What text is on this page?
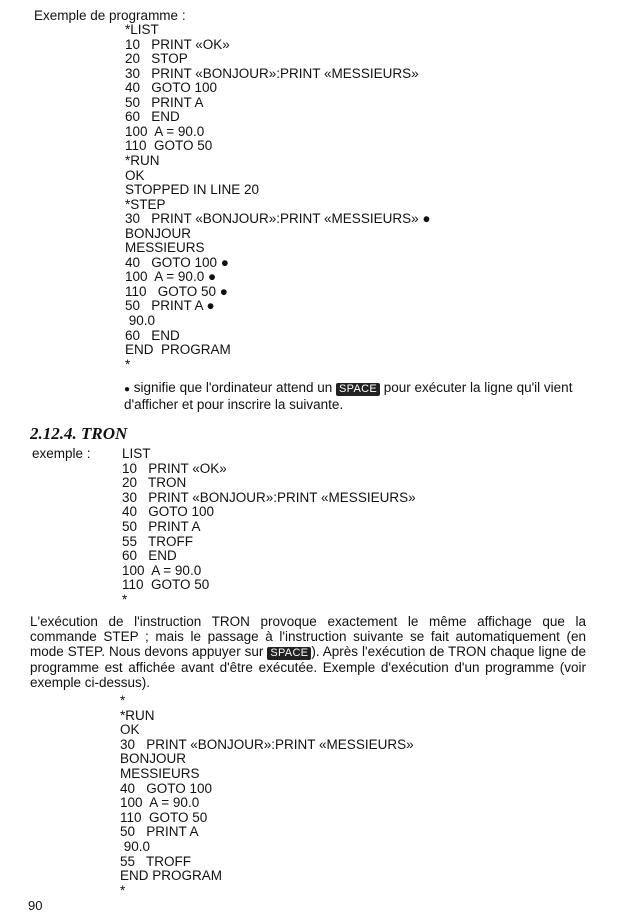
Exemple de programme :
*LIST
10   PRINT «OK»
20   STOP
30   PRINT «BONJOUR»:PRINT «MESSIEURS»
40   GOTO 100
50   PRINT A
60   END
100  A = 90.0
110  GOTO 50
*RUN
OK
STOPPED IN LINE 20
*STEP
30   PRINT «BONJOUR»:PRINT «MESSIEURS» ●
BONJOUR
MESSIEURS
40   GOTO 100 ●
100  A = 90.0 ●
110   GOTO 50 ●
50   PRINT A ●
90.0
60   END
END  PROGRAM
*
● signifie que l'ordinateur attend un SPACE pour exécuter la ligne qu'il vient d'afficher et pour inscrire la suivante.
2.12.4. TRON
exemple : LIST
10   PRINT «OK»
20   TRON
30   PRINT «BONJOUR»:PRINT «MESSIEURS»
40   GOTO 100
50   PRINT A
55   TROFF
60   END
100  A = 90.0
110  GOTO 50
*
L'exécution de l'instruction TRON provoque exactement le même affichage que la commande STEP ; mais le passage à l'instruction suivante se fait automatiquement (en mode STEP. Nous devons appuyer sur SPACE ). Après l'exécution de TRON chaque ligne de programme est affichée avant d'être exécutée. Exemple d'exécution d'un programme (voir exemple ci-dessus).
*
*RUN
OK
30   PRINT «BONJOUR»:PRINT «MESSIEURS»
BONJOUR
MESSIEURS
40   GOTO 100
100  A = 90.0
110  GOTO 50
50   PRINT A
90.0
55   TROFF
END PROGRAM
*
90
